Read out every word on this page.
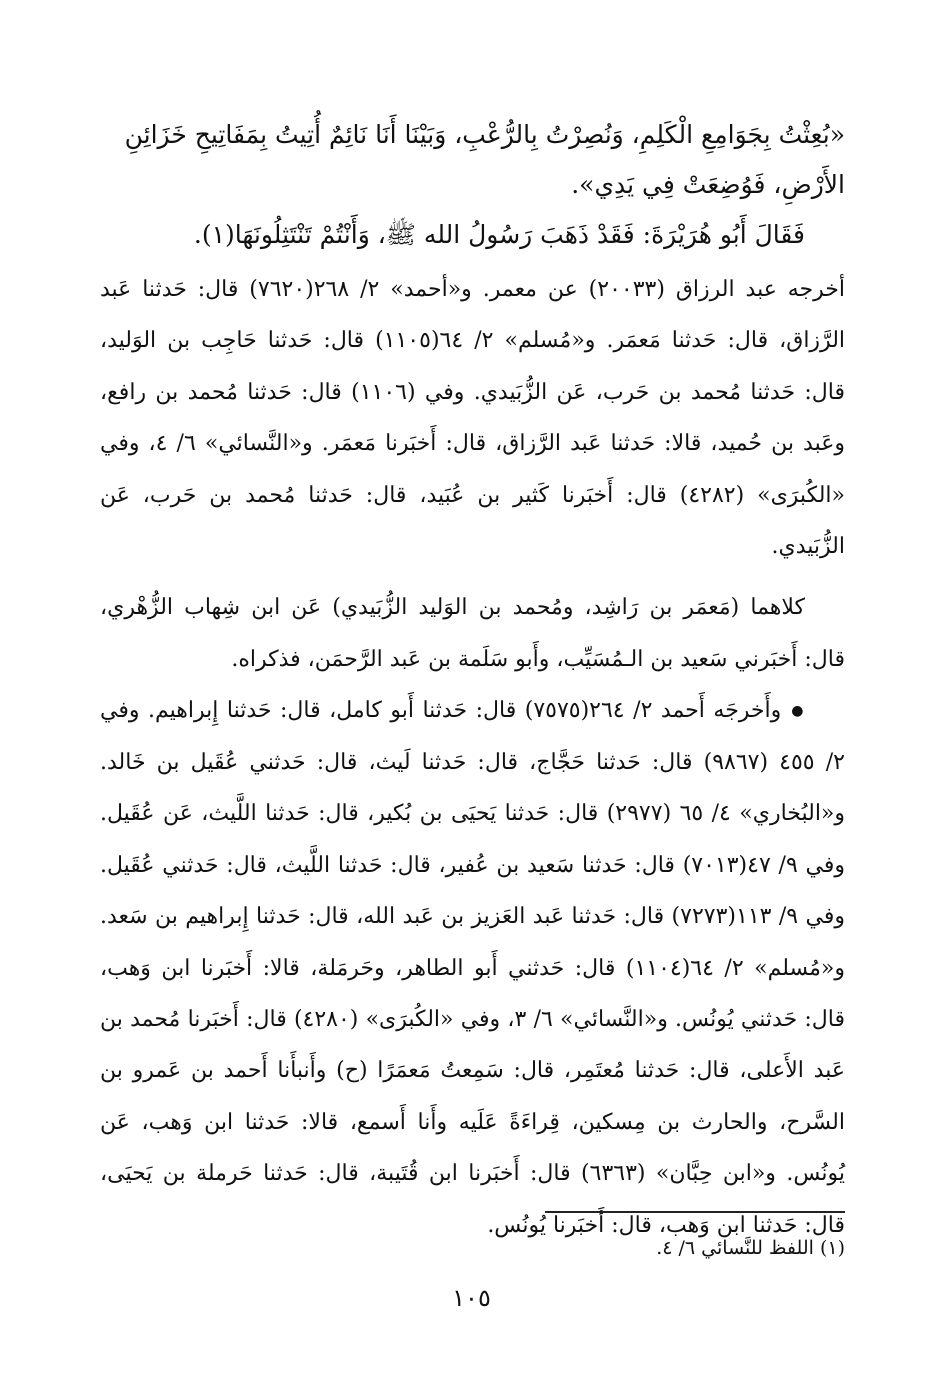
«بُعِثْتُ بِجَوَامِعِ الْكَلِمِ، وَنُصِرْتُ بِالرُّعْبِ، وَبَيْنَا أَنَا نَائِمٌ أُتِيتُ بِمَفَاتِيحِ خَزَائِنِ

الأَرْضِ، فَوُضِعَتْ فِي يَدِي».

فَقَالَ أَبُو هُرَيْرَةَ: فَقَدْ ذَهَبَ رَسُولُ الله ﷺ، وَأَنْتُمْ تَنْتَثِلُونَهَا(١).

أخرجه عبد الرزاق (٢٠٠٣٣) عن معمر. و«أحمد» ٢/ ٢٦٨(٧٦٢٠) قال: حَدثنا عَبد الرَّزاق، قال: حَدثنا مَعمَر. و«مُسلم» ٢/ ٦٤(١١٠٥) قال: حَدثنا حَاجِب بن الوَليد، قال: حَدثنا مُحمد بن حَرب، عَن الزُّبَيدي. وفي (١١٠٦) قال: حَدثنا مُحمد بن رافع، وعَبد بن حُميد، قالا: حَدثنا عَبد الرَّزاق، قال: أَخبَرنا مَعمَر. و«النَّسائي» ٦/ ٤، وفي «الكُبرَى» (٤٢٨٢) قال: أَخبَرنا كَثير بن عُبَيد، قال: حَدثنا مُحمد بن حَرب، عَن الزُّبَيدي.

كلاهما (مَعمَر بن رَاشِد، ومُحمد بن الوَليد الزُّبَيدي) عَن ابن شِهاب الزُّهْري، قال: أَخبَرني سَعيد بن الـمُسَيِّب، وأَبو سَلَمة بن عَبد الرَّحمَن، فذكراه.

●وأَخرجَه أَحمد ٢/ ٢٦٤(٧٥٧٥) قال: حَدثنا أَبو كامل، قال: حَدثنا إِبراهيم. وفي ٢/ ٤٥٥ (٩٨٦٧) قال: حَدثنا حَجَّاج، قال: حَدثنا لَيث، قال: حَدثني عُقَيل بن خَالد. و«البُخاري» ٤/ ٦٥ (٢٩٧٧) قال: حَدثنا يَحيَى بن بُكير، قال: حَدثنا اللَّيث، عَن عُقَيل. وفي ٩/ ٤٧(٧٠١٣) قال: حَدثنا سَعيد بن عُفير، قال: حَدثنا اللَّيث، قال: حَدثني عُقَيل. وفي ٩/ ١١٣(٧٢٧٣) قال: حَدثنا عَبد العَزيز بن عَبد الله، قال: حَدثنا إِبراهيم بن سَعد. و«مُسلم» ٢/ ٦٤(١١٠٤) قال: حَدثني أَبو الطاهر، وحَرمَلة، قالا: أَخبَرنا ابن وَهب، قال: حَدثني يُونُس. و«النَّسائي» ٦/ ٣، وفي «الكُبرَى» (٤٢٨٠) قال: أَخبَرنا مُحمد بن عَبد الأَعلى، قال: حَدثنا مُعتَمِر، قال: سَمِعتُ مَعمَرًا (ح) وأَنبأَنا أَحمد بن عَمرو بن السَّرح، والحارث بن مِسكين، قِراءَةً عَلَيه وأَنا أَسمع، قالا: حَدثنا ابن وَهب، عَن يُونُس. و«ابن حِبَّان» (٦٣٦٣) قال: أَخبَرنا ابن قُتَيبة، قال: حَدثنا حَرملة بن يَحيَى، قال: حَدثنا ابن وَهب، قال: أَخبَرنا يُونُس.

(١) اللفظ للنَّسائي ٦/ ٤.
١٠٥
